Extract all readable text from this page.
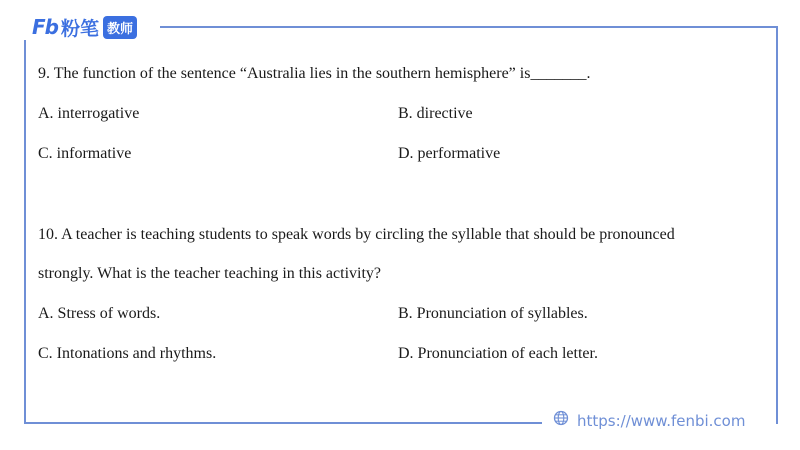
Fb 粉笔 教师
9. The function of the sentence “Australia lies in the southern hemisphere” is_______.
A. interrogative	B. directive
C. informative	D. performative
10. A teacher is teaching students to speak words by circling the syllable that should be pronounced
strongly. What is the teacher teaching in this activity?
A. Stress of words.	B. Pronunciation of syllables.
C. Intonations and rhythms.	D. Pronunciation of each letter.
https://www.fenbi.com
